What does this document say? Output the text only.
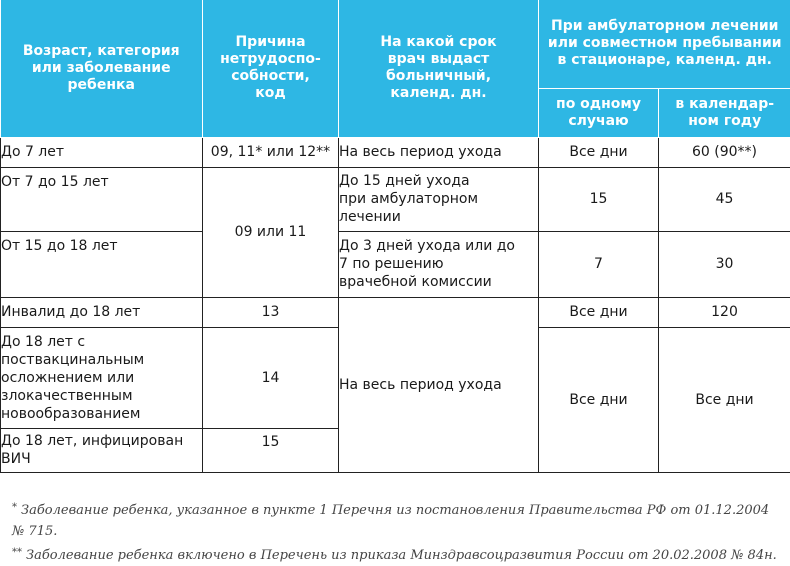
Возраст, категория или заболевание ребенка	Причина нетрудоспо-собности, код	На какой срок врач выдаст больничный, календ. дн.	При амбулаторном лечении или совместном пребывании в стационаре, календ. дн.	
			по одному случаю	в календар-ном году
До 7 лет	09, 11* или 12**	На весь период ухода	Все дни	60 (90**)
От 7 до 15 лет	09 или 11	До 15 дней ухода при амбулаторном лечении	15	45
От 15 до 18 лет		До 3 дней ухода или до 7 по решению врачебной комиссии	7	30
Инвалид до 18 лет	13	На весь период ухода	Все дни	120
До 18 лет с поствакцинальным осложнением или злокачественным новообразованием	14		Все дни	Все дни
До 18 лет, инфицирован ВИЧ	15			

* Заболевание ребенка, указанное в пункте 1 Перечня из постановления Правительства РФ от 01.12.2004 № 715.

** Заболевание ребенка включено в Перечень из приказа Минздравсоцразвития России от 20.02.2008 № 84н.
